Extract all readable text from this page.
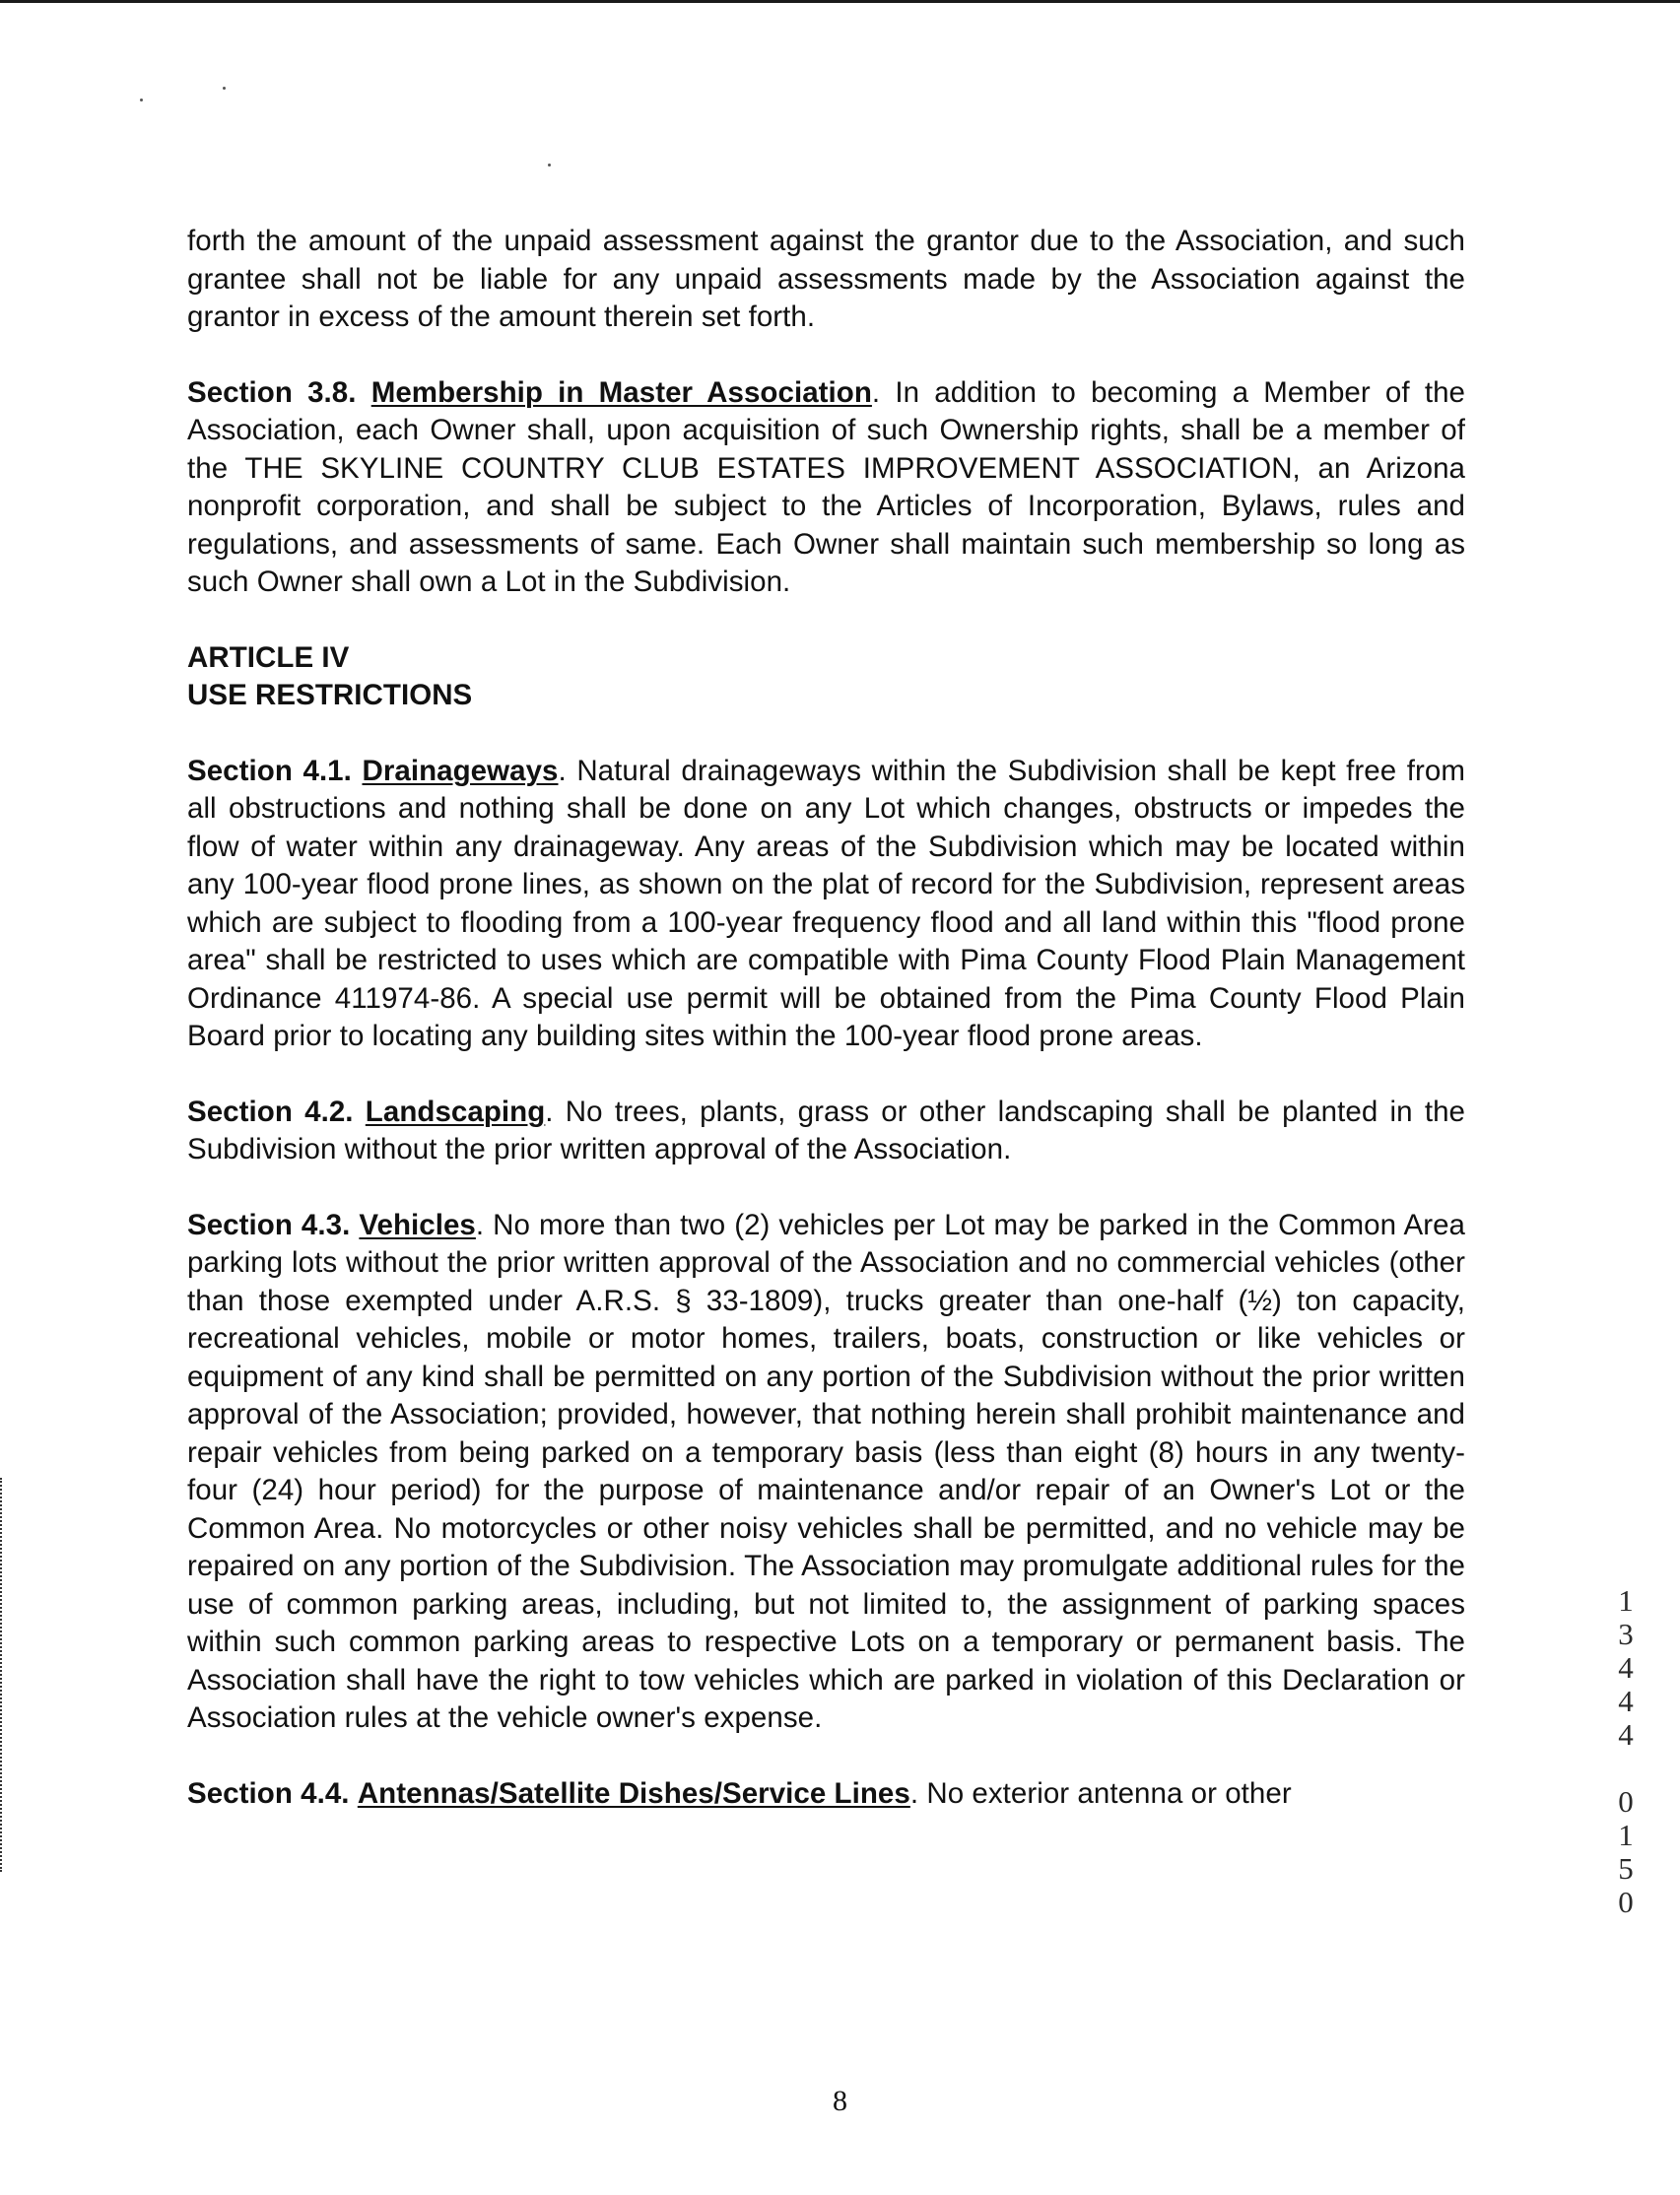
forth the amount of the unpaid assessment against the grantor due to the Association, and such grantee shall not be liable for any unpaid assessments made by the Association against the grantor in excess of the amount therein set forth.

Section 3.8. Membership in Master Association. In addition to becoming a Member of the Association, each Owner shall, upon acquisition of such Ownership rights, shall be a member of the THE SKYLINE COUNTRY CLUB ESTATES IMPROVEMENT ASSOCIATION, an Arizona nonprofit corporation, and shall be subject to the Articles of Incorporation, Bylaws, rules and regulations, and assessments of same. Each Owner shall maintain such membership so long as such Owner shall own a Lot in the Subdivision.

ARTICLE IV

USE RESTRICTIONS

Section 4.1. Drainageways. Natural drainageways within the Subdivision shall be kept free from all obstructions and nothing shall be done on any Lot which changes, obstructs or impedes the flow of water within any drainageway. Any areas of the Subdivision which may be located within any 100-year flood prone lines, as shown on the plat of record for the Subdivision, represent areas which are subject to flooding from a 100-year frequency flood and all land within this "flood prone area" shall be restricted to uses which are compatible with Pima County Flood Plain Management Ordinance 411974-86. A special use permit will be obtained from the Pima County Flood Plain Board prior to locating any building sites within the 100-year flood prone areas.

Section 4.2. Landscaping. No trees, plants, grass or other landscaping shall be planted in the Subdivision without the prior written approval of the Association.

Section 4.3. Vehicles. No more than two (2) vehicles per Lot may be parked in the Common Area parking lots without the prior written approval of the Association and no commercial vehicles (other than those exempted under A.R.S. § 33-1809), trucks greater than one-half (½) ton capacity, recreational vehicles, mobile or motor homes, trailers, boats, construction or like vehicles or equipment of any kind shall be permitted on any portion of the Subdivision without the prior written approval of the Association; provided, however, that nothing herein shall prohibit maintenance and repair vehicles from being parked on a temporary basis (less than eight (8) hours in any twenty-four (24) hour period) for the purpose of maintenance and/or repair of an Owner's Lot or the Common Area. No motorcycles or other noisy vehicles shall be permitted, and no vehicle may be repaired on any portion of the Subdivision. The Association may promulgate additional rules for the use of common parking areas, including, but not limited to, the assignment of parking spaces within such common parking areas to respective Lots on a temporary or permanent basis. The Association shall have the right to tow vehicles which are parked in violation of this Declaration or Association rules at the vehicle owner's expense.

Section 4.4. Antennas/Satellite Dishes/Service Lines. No exterior antenna or other

1
3
4
4
4

0
1
5
0
8
